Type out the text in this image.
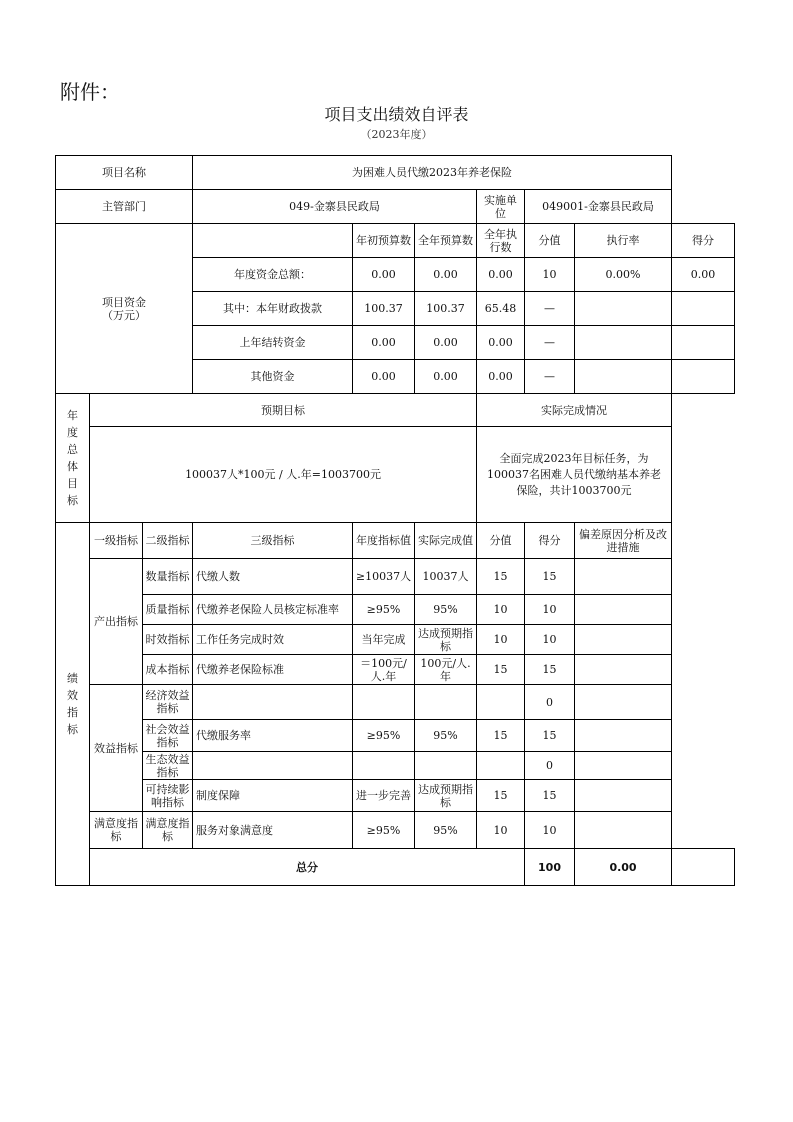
附件：
项目支出绩效自评表
（2023年度）
项目名称			为困难人员代缴2023年养老保险						
主管部门			049-金寨县民政局			实施单位	049001-金寨县民政局		

项目资金
（万元）				年初预算数	全年预算数	全年执行数	分值	执行率	得分
			年度资金总额：	0.00	0.00	0.00	10	0.00%	0.00
			其中：本年财政拨款	100.37	100.37	65.48	—		
			上年结转资金	0.00	0.00	0.00	—		
			其他资金	0.00	0.00	0.00	—		

年度总体目标	预期目标					实际完成情况			
	100037人*100元 / 人.年=1003700元					全面完成2023年目标任务，为100037名困难人员代缴纳基本养老保险，共计1003700元			

绩效指标	一级指标	二级指标	三级指标	年度指标值	实际完成值	分值	得分	偏差原因分析及改进措施	
	产出指标	数量指标	代缴人数	≥10037人	10037人	15	15		
		质量指标	代缴养老保险人员核定标准率	≥95%	95%	10	10		
		时效指标	工作任务完成时效	当年完成	达成预期指标	10	10		
		成本指标	代缴养老保险标准	＝100元/人.年	100元/人.年	15	15		
	效益指标	经济效益指标					0		
		社会效益指标	代缴服务率	≥95%	95%	15	15		
		生态效益指标					0		
		可持续影响指标	制度保障	进一步完善	达成预期指标	15	15		
	满意度指标	满意度指标	服务对象满意度	≥95%	95%	10	10		
	总分						100	0.00	
